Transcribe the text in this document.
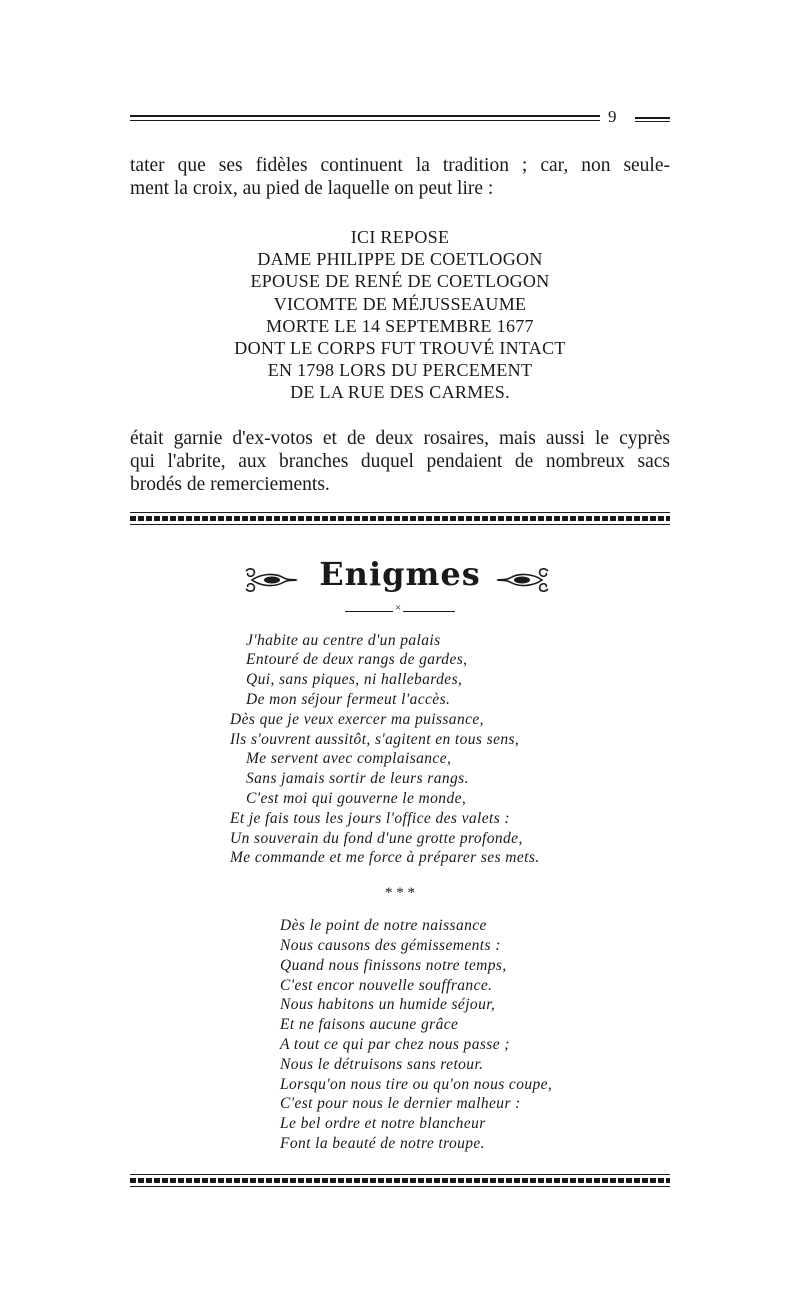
9

tater que ses fidèles continuent la tradition ; car, non seule-
ment la croix, au pied de laquelle on peut lire :

ICI REPOSE
DAME PHILIPPE DE COETLOGON
EPOUSE DE RENÉ DE COETLOGON
VICOMTE DE MÉJUSSEAUME
MORTE LE 14 SEPTEMBRE 1677
DONT LE CORPS FUT TROUVÉ INTACT
EN 1798 LORS DU PERCEMENT
DE LA RUE DES CARMES.

était garnie d'ex-votos et de deux rosaires, mais aussi le cyprès
qui l'abrite, aux branches duquel pendaient de nombreux sacs
brodés de remerciements.

Enigmes
×
J'habite au centre d'un palais
Entouré de deux rangs de gardes,
Qui, sans piques, ni hallebardes,
De mon séjour fermeut l'accès.
Dès que je veux exercer ma puissance,
Ils s'ouvrent aussitôt, s'agitent en tous sens,
Me servent avec complaisance,
Sans jamais sortir de leurs rangs.
C'est moi qui gouverne le monde,
Et je fais tous les jours l'office des valets :
Un souverain du fond d'une grotte profonde,
Me commande et me force à préparer ses mets.
* * *
Dès le point de notre naissance
Nous causons des gémissements :
Quand nous finissons notre temps,
C'est encor nouvelle souffrance.
Nous habitons un humide séjour,
Et ne faisons aucune grâce
A tout ce qui par chez nous passe ;
Nous le détruisons sans retour.
Lorsqu'on nous tire ou qu'on nous coupe,
C'est pour nous le dernier malheur :
Le bel ordre et notre blancheur
Font la beauté de notre troupe.
